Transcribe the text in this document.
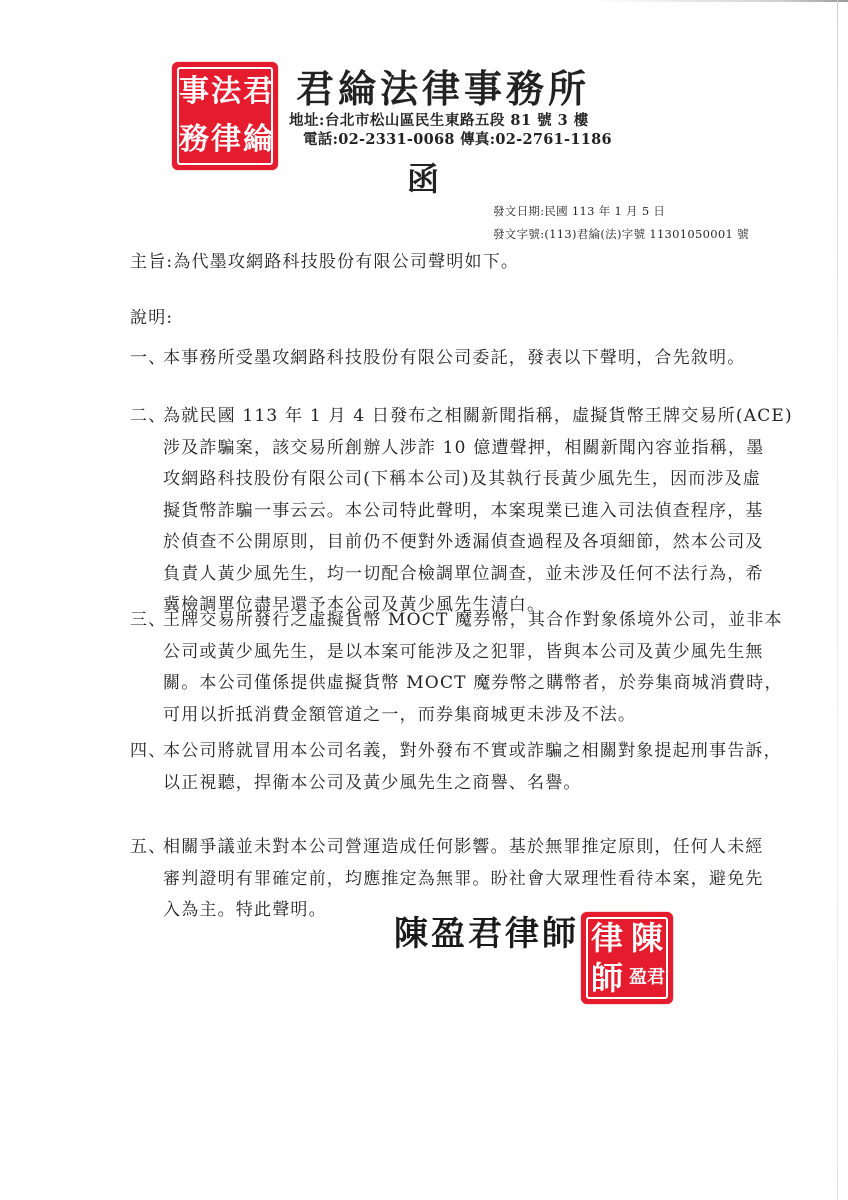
事 法 君
務 律 綸
君綸法律事務所
地址:台北市松山區民生東路五段 81 號 3 樓
電話:02-2331-0068 傳真:02-2761-1186
函
發文日期:民國 113 年 1 月 5 日
發文字號:(113)君綸(法)字號 11301050001 號
主旨:為代墨攻網路科技股份有限公司聲明如下。
說明:
一、
本事務所受墨攻網路科技股份有限公司委託，發表以下聲明，合先敘明。
二、
為就民國 113 年 1 月 4 日發布之相關新聞指稱，虛擬貨幣王牌交易所(ACE)
涉及詐騙案，該交易所創辦人涉詐 10 億遭聲押，相關新聞內容並指稱，墨
攻網路科技股份有限公司(下稱本公司)及其執行長黃少風先生，因而涉及虛
擬貨幣詐騙一事云云。本公司特此聲明，本案現業已進入司法偵查程序，基
於偵查不公開原則，目前仍不便對外透漏偵查過程及各項細節，然本公司及
負責人黃少風先生，均一切配合檢調單位調查，並未涉及任何不法行為，希
冀檢調單位盡早還予本公司及黃少風先生清白。
三、
王牌交易所發行之虛擬貨幣 MOCT 魔券幣，其合作對象係境外公司，並非本
公司或黃少風先生，是以本案可能涉及之犯罪，皆與本公司及黃少風先生無
關。本公司僅係提供虛擬貨幣 MOCT 魔券幣之購幣者，於券集商城消費時，
可用以折抵消費金額管道之一，而券集商城更未涉及不法。
四、
本公司將就冒用本公司名義，對外發布不實或詐騙之相關對象提起刑事告訴，
以正視聽，捍衛本公司及黃少風先生之商譽、名譽。
五、
相關爭議並未對本公司營運造成任何影響。基於無罪推定原則，任何人未經
審判證明有罪確定前，均應推定為無罪。盼社會大眾理性看待本案，避免先
入為主。特此聲明。
陳盈君律師 律 陳
師 盈君
